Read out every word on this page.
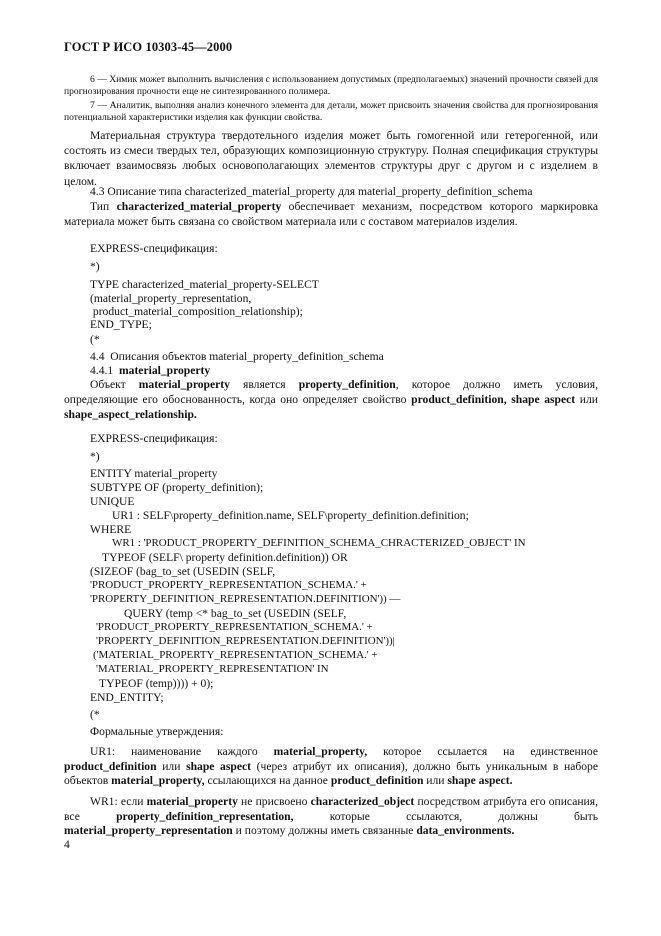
ГОСТ Р ИСО 10303-45—2000
6 — Химик может выполнить вычисления с использованием допустимых (предполагаемых) значений прочности связей для прогнозирования прочности еще не синтезированного полимера.
7 — Аналитик, выполняя анализ конечного элемента для детали, может присвоить значения свойства для прогнозирования потенциальной характеристики изделия как функции свойства.
Материальная структура твердотельного изделия может быть гомогенной или гетерогенной, или состоять из смеси твердых тел, образующих композиционную структуру. Полная спецификация структуры включает взаимосвязь любых основополагающих элементов структуры друг с другом и с изделием в целом.
4.3 Описание типа characterized_material_property для material_property_definition_schema
Тип characterized_material_property обеспечивает механизм, посредством которого маркировка материала может быть связана со свойством материала или с составом материалов изделия.
EXPRESS-спецификация:
*)
TYPE characterized_material_property-SELECT
(material_property_representation,
product_material_composition_relationship);
END_TYPE;
(*
4.4  Описания объектов material_property_definition_schema
4.4.1  material_property
Объект material_property является property_definition, которое должно иметь условия, определяющие его обоснованность, когда оно определяет свойство product_definition, shape aspect или shape_aspect_relationship.
EXPRESS-спецификация:
*)
ENTITY material_property
SUBTYPE OF (property_definition);
UNIQUE
UR1 : SELF\property_definition.name, SELF\property_definition.definition;
WHERE
WR1 : 'PRODUCT_PROPERTY_DEFINITION_SCHEMA_CHRACTERIZED_OBJECT' IN
TYPEOF (SELF\ property definition.definition)) OR
(SIZEOF (bag_to_set (USEDIN (SELF,
'PRODUCT_PROPERTY_REPRESENTATION_SCHEMA.' +
'PROPERTY_DEFINITION_REPRESENTATION.DEFINITION')) —
QUERY (temp <* bag_to_set (USEDIN (SELF,
'PRODUCT_PROPERTY_REPRESENTATION_SCHEMA.' +
'PROPERTY_DEFINITION_REPRESENTATION.DEFINITION'))|
('MATERIAL_PROPERTY_REPRESENTATION_SCHEMA.' +
'MATERIAL_PROPERTY_REPRESENTATION' IN
TYPEOF (temp)))) + 0);
END_ENTITY;
(*
Формальные утверждения:
UR1: наименование каждого material_property, которое ссылается на единственное product_definition или shape aspect (через атрибут их описания), должно быть уникальным в наборе объектов material_property, ссылающихся на данное product_definition или shape aspect.
WR1: если material_property не присвоено characterized_object посредством атрибута его описания, все property_definition_representation, которые ссылаются, должны быть material_property_representation и поэтому должны иметь связанные data_environments.
4
